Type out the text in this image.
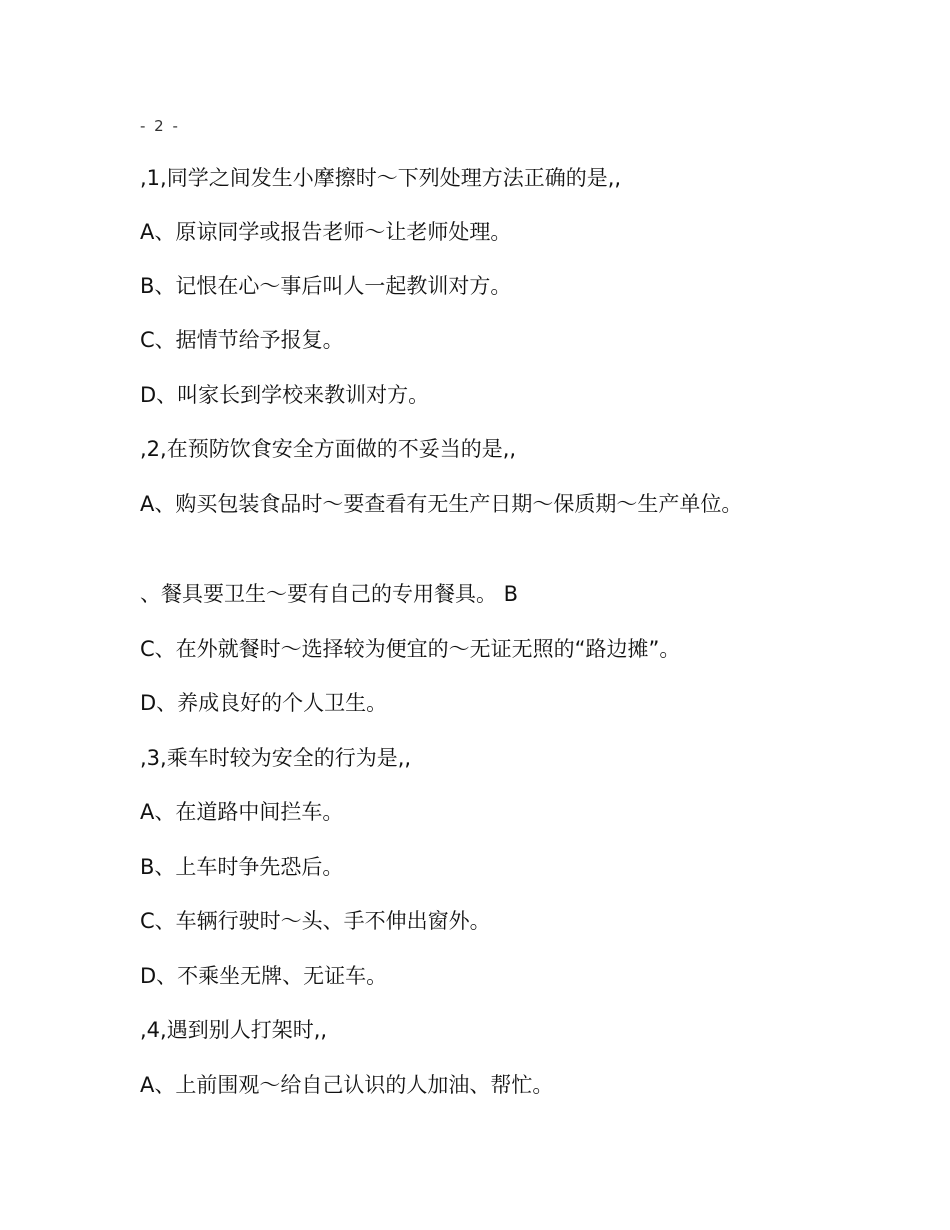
- 2 -
,1,同学之间发生小摩擦时～下列处理方法正确的是,,
A、原谅同学或报告老师～让老师处理。
B、记恨在心～事后叫人一起教训对方。
C、据情节给予报复。
D、叫家长到学校来教训对方。
,2,在预防饮食安全方面做的不妥当的是,,
A、购买包装食品时～要查看有无生产日期～保质期～生产单位。
、餐具要卫生～要有自己的专用餐具。 B
C、在外就餐时～选择较为便宜的～无证无照的“路边摊”。
D、养成良好的个人卫生。
,3,乘车时较为安全的行为是,,
A、在道路中间拦车。
B、上车时争先恐后。
C、车辆行驶时～头、手不伸出窗外。
D、不乘坐无牌、无证车。
,4,遇到别人打架时,,
A、上前围观～给自己认识的人加油、帮忙。
